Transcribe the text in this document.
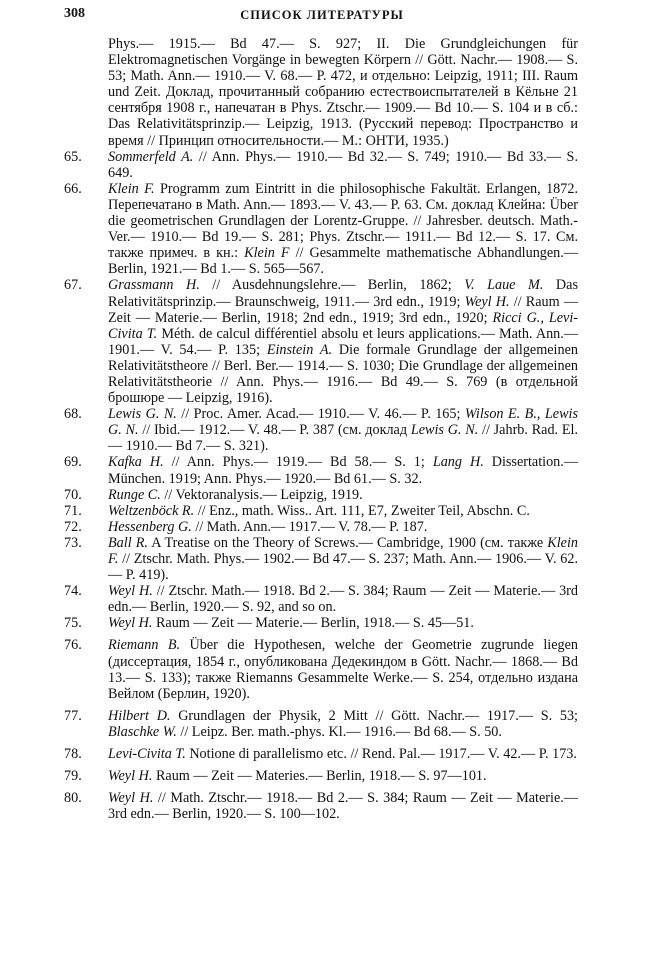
308	СПИСОК ЛИТЕРАТУРЫ
Phys.— 1915.— Bd 47.— S. 927; II. Die Grundgleichungen für Elektromagnetischen Vorgänge in bewegten Körpern // Gött. Nachr.— 1908.— S. 53; Math. Ann.— 1910.— V. 68.— P. 472, и отдельно: Leipzig, 1911; III. Raum und Zeit. Доклад, прочитанный собранию естествоиспытателей в Кёльне 21 сентября 1908 г., напечатан в Phys. Ztschr.— 1909.— Bd 10.— S. 104 и в сб.: Das Relativitätsprinzip.— Leipzig, 1913. (Русский перевод: Пространство и время // Принцип относительности.— М.: ОНТИ, 1935.)
65.	Sommerfeld A. // Ann. Phys.— 1910.— Bd 32.— S. 749; 1910.— Bd 33.— S. 649.
66.	Klein F. Programm zum Eintritt in die philosophische Fakultät. Erlangen, 1872. Перепечатано в Math. Ann.— 1893.— V. 43.— P. 63. См. доклад Клейна: Über die geometrischen Grundlagen der Lorentz-Gruppe. // Jahresber. deutsch. Math.-Ver.— 1910.— Bd 19.— S. 281; Phys. Ztschr.— 1911.— Bd 12.— S. 17. См. также примеч. в кн.: Klein F // Gesammelte mathematische Abhandlungen.— Berlin, 1921.— Bd 1.— S. 565—567.
67.	Grassmann H. // Ausdehnungslehre.— Berlin, 1862; V. Laue M. Das Relativitätsprinzip.— Braunschweig, 1911.— 3rd edn., 1919; Weyl H. // Raum — Zeit — Materie.— Berlin, 1918; 2nd edn., 1919; 3rd edn., 1920; Ricci G., Levi-Civita T. Méth. de calcul différentiel absolu et leurs applications.— Math. Ann.— 1901.— V. 54.— P. 135; Einstein A. Die formale Grundlage der allgemeinen Relativitätstheore // Berl. Ber.— 1914.— S. 1030; Die Grundlage der allgemeinen Relativitätstheorie // Ann. Phys.— 1916.— Bd 49.— S. 769 (в отдельной брошюре — Leipzig, 1916).
68.	Lewis G. N. // Proc. Amer. Acad.— 1910.— V. 46.— P. 165; Wilson E. B., Lewis G. N. // Ibid.— 1912.— V. 48.— P. 387 (см. доклад Lewis G. N. // Jahrb. Rad. El.— 1910.— Bd 7.— S. 321).
69.	Kafka H. // Ann. Phys.— 1919.— Bd 58.— S. 1; Lang H. Dissertation.— München. 1919; Ann. Phys.— 1920.— Bd 61.— S. 32.
70.	Runge C. // Vektoranalysis.— Leipzig, 1919.
71.	Weltzenböck R. // Enz., math. Wiss.. Art. 111, E7, Zweiter Teil, Abschn. C.
72.	Hessenberg G. // Math. Ann.— 1917.— V. 78.— P. 187.
73.	Ball R. A Treatise on the Theory of Screws.— Cambridge, 1900 (см. также Klein F. // Ztschr. Math. Phys.— 1902.— Bd 47.— S. 237; Math. Ann.— 1906.— V. 62.— P. 419).
74.	Weyl H. // Ztschr. Math.— 1918. Bd 2.— S. 384; Raum — Zeit — Materie.— 3rd edn.— Berlin, 1920.— S. 92, and so on.
75.	Weyl H. Raum — Zeit — Materie.— Berlin, 1918.— S. 45—51.
76.	Riemann B. Über die Hypothesen, welche der Geometrie zugrunde liegen (диссертация, 1854 г., опубликована Дедекиндом в Gött. Nachr.— 1868.— Bd 13.— S. 133); также Riemanns Gesammelte Werke.— S. 254, отдельно издана Вейлом (Берлин, 1920).
77.	Hilbert D. Grundlagen der Physik, 2 Mitt // Gött. Nachr.— 1917.— S. 53; Blaschke W. // Leipz. Ber. math.-phys. Kl.— 1916.— Bd 68.— S. 50.
78.	Levi-Civita T. Notione di parallelismo etc. // Rend. Pal.— 1917.— V. 42.— P. 173.
79.	Weyl H. Raum — Zeit — Materies.— Berlin, 1918.— S. 97—101.
80.	Weyl H. // Math. Ztschr.— 1918.— Bd 2.— S. 384; Raum — Zeit — Materie.— 3rd edn.— Berlin, 1920.— S. 100—102.
